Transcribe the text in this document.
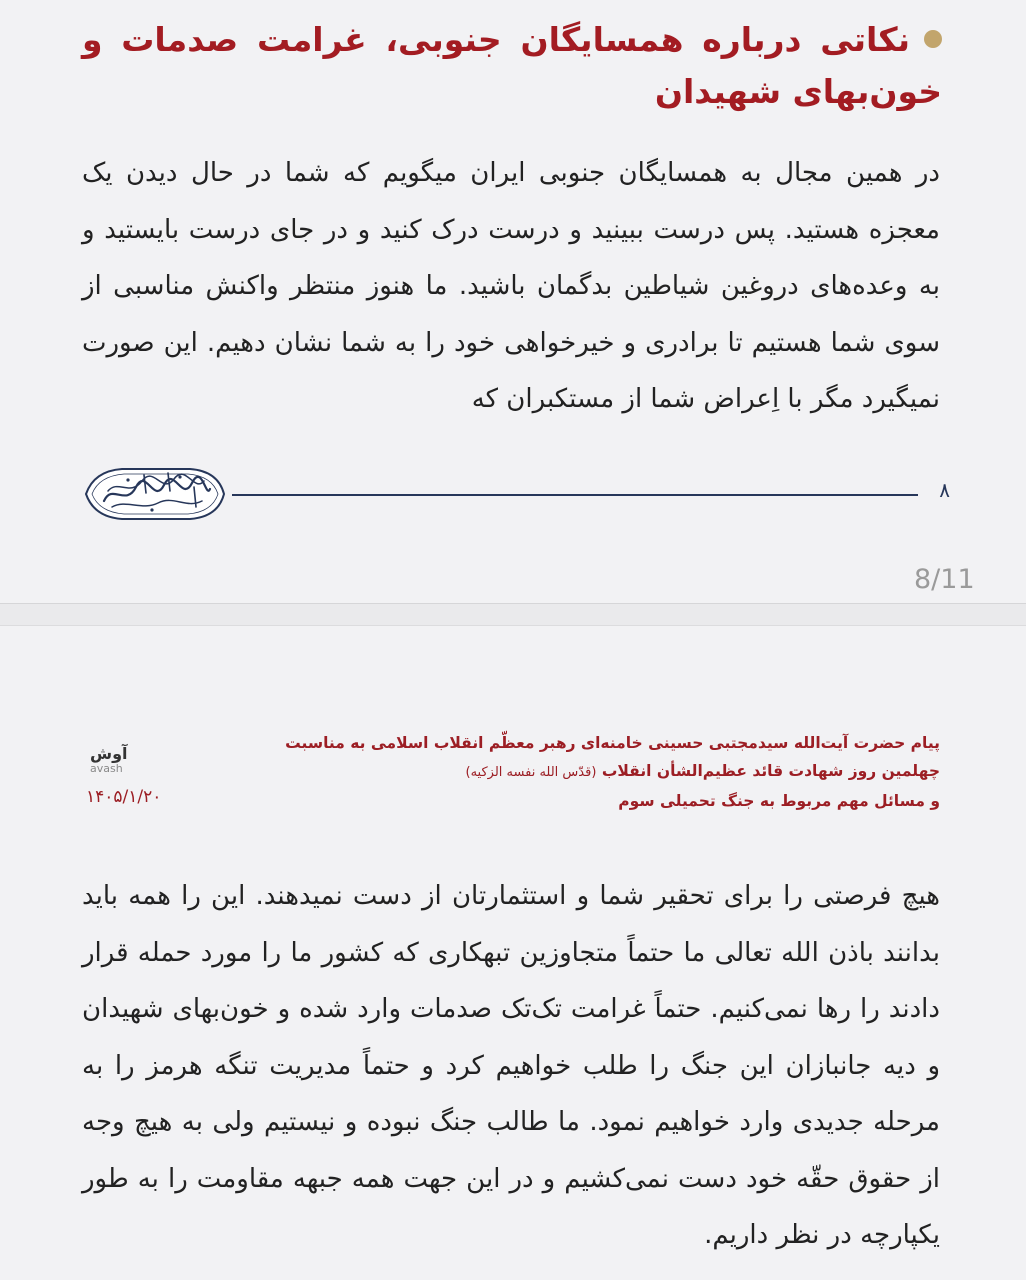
نکاتی درباره همسایگان جنوبی، غرامت صدمات و خون‌بهای شهیدان

در همین مجال به همسایگان جنوبی ایران میگویم که شما در حال دیدن یک معجزه هستید. پس درست ببینید و درست درک کنید و در جای درست بایستید و به وعده‌های دروغین شیاطین بدگمان باشید. ما هنوز منتظر واکنش مناسبی از سوی شما هستیم تا برادری و خیرخواهی خود را به شما نشان دهیم. این صورت نمیگیرد مگر با اِعراض شما از مستکبران که

۸
8/11

پیام حضرت آیت‌الله سیدمجتبی حسینی خامنه‌ای رهبر معظّم انقلاب اسلامی به مناسبت
چهلمین روز شهادت قائد عظیم‌الشأن انقلاب (قدّس الله نفسه الزکیه)
و مسائل مهم مربوط به جنگ تحمیلی سوم

آوش
avash
۱۴۰۵/۱/۲۰

هیچ فرصتی را برای تحقیر شما و استثمارتان از دست نمیدهند. این را همه باید بدانند باذن الله تعالی ما حتماً متجاوزین تبهکاری که کشور ما را مورد حمله قرار دادند را رها نمی‌کنیم. حتماً غرامت تک‌تک صدمات وارد شده و خون‌بهای شهیدان و دیه جانبازان این جنگ را طلب خواهیم کرد و حتماً مدیریت تنگه هرمز را به مرحله جدیدی وارد خواهیم نمود. ما طالب جنگ نبوده و نیستیم ولی به هیچ وجه از حقوق حقّه خود دست نمی‌کشیم و در این جهت همه جبهه مقاومت را به طور یکپارچه در نظر داریم.
